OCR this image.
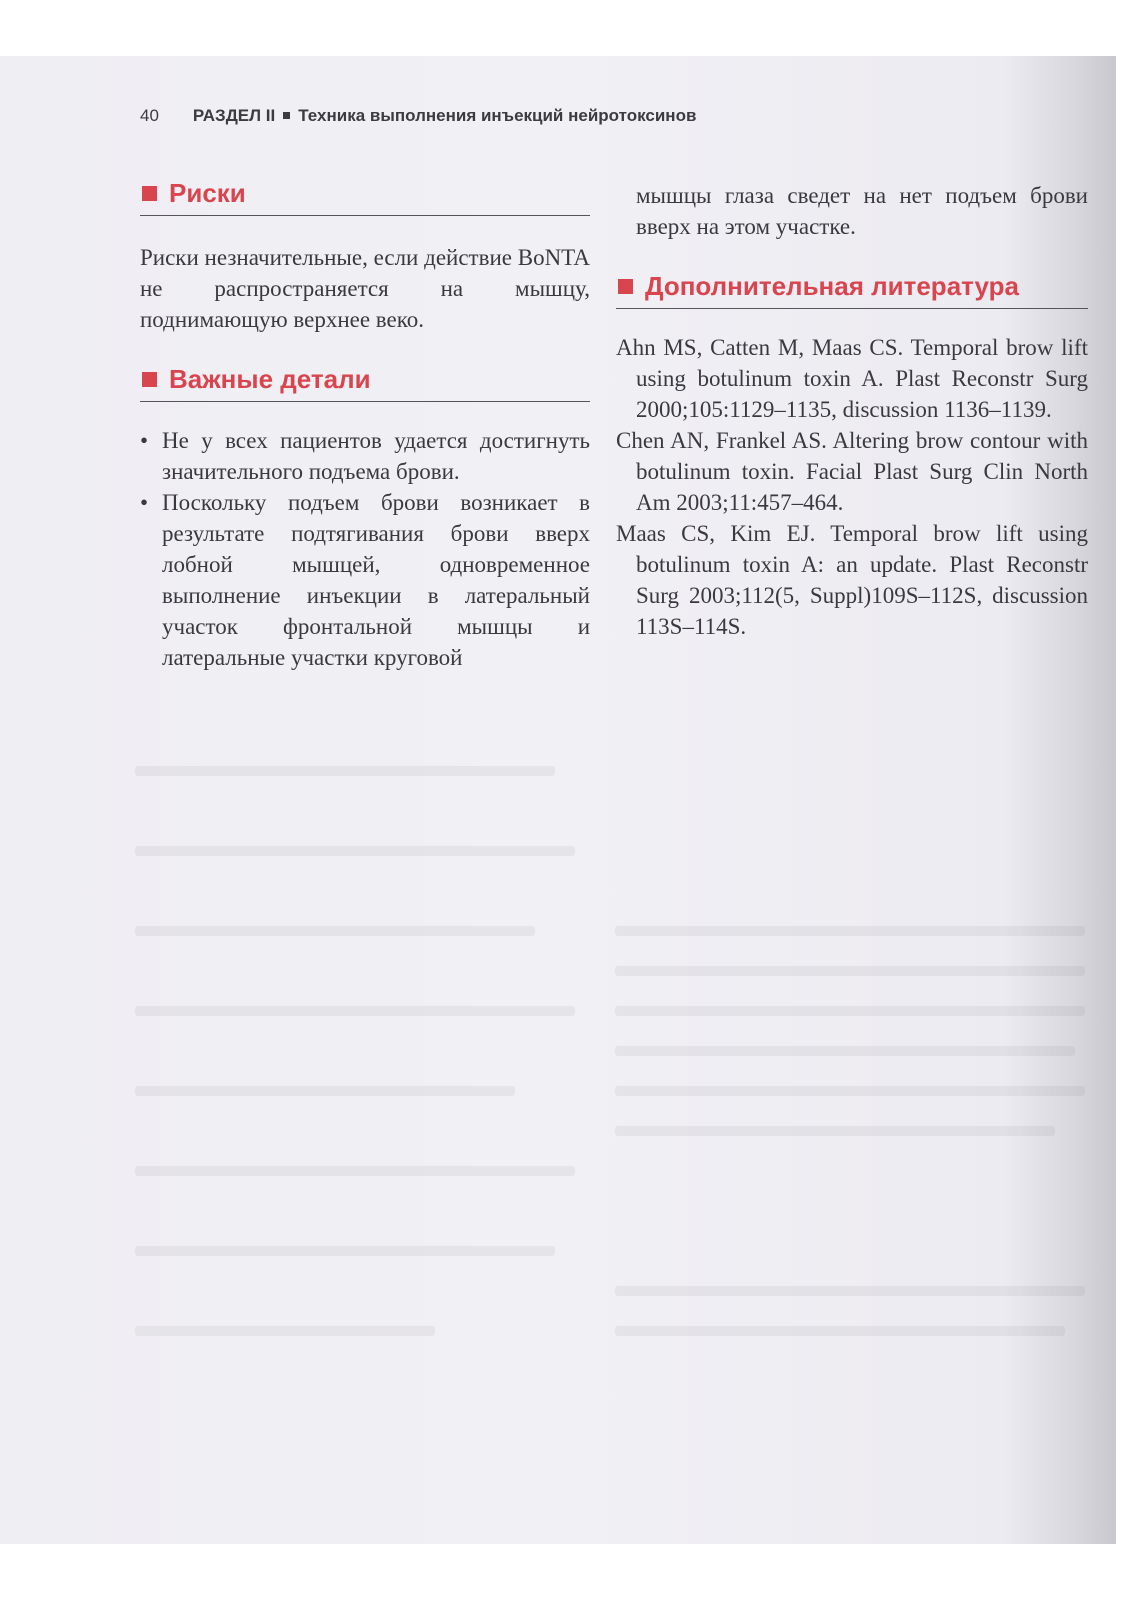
40 РАЗДЕЛ II Техника выполнения инъекций нейротоксинов
Риски

Риски незначительные, если действие BoNTA не распространяется на мышцу, поднимающую верхнее веко.

Важные детали
• Не у всех пациентов удается достигнуть значительного подъема брови.
• Поскольку подъем брови возникает в результате подтягивания брови вверх лобной мышцей, одновременное выполнение инъекции в латеральный участок фронтальной мышцы и латеральные участки круговой

мышцы глаза сведет на нет подъем брови вверх на этом участке.

Дополнительная литература
Ahn MS, Catten M, Maas CS. Temporal brow lift using botulinum toxin A. Plast Reconstr Surg 2000;105:1129–1135, discussion 1136–1139.
Chen AN, Frankel AS. Altering brow contour with botulinum toxin. Facial Plast Surg Clin North Am 2003;11:457–464.
Maas CS, Kim EJ. Temporal brow lift using botulinum toxin A: an update. Plast Reconstr Surg 2003;112(5, Suppl)109S–112S, discussion 113S–114S.
